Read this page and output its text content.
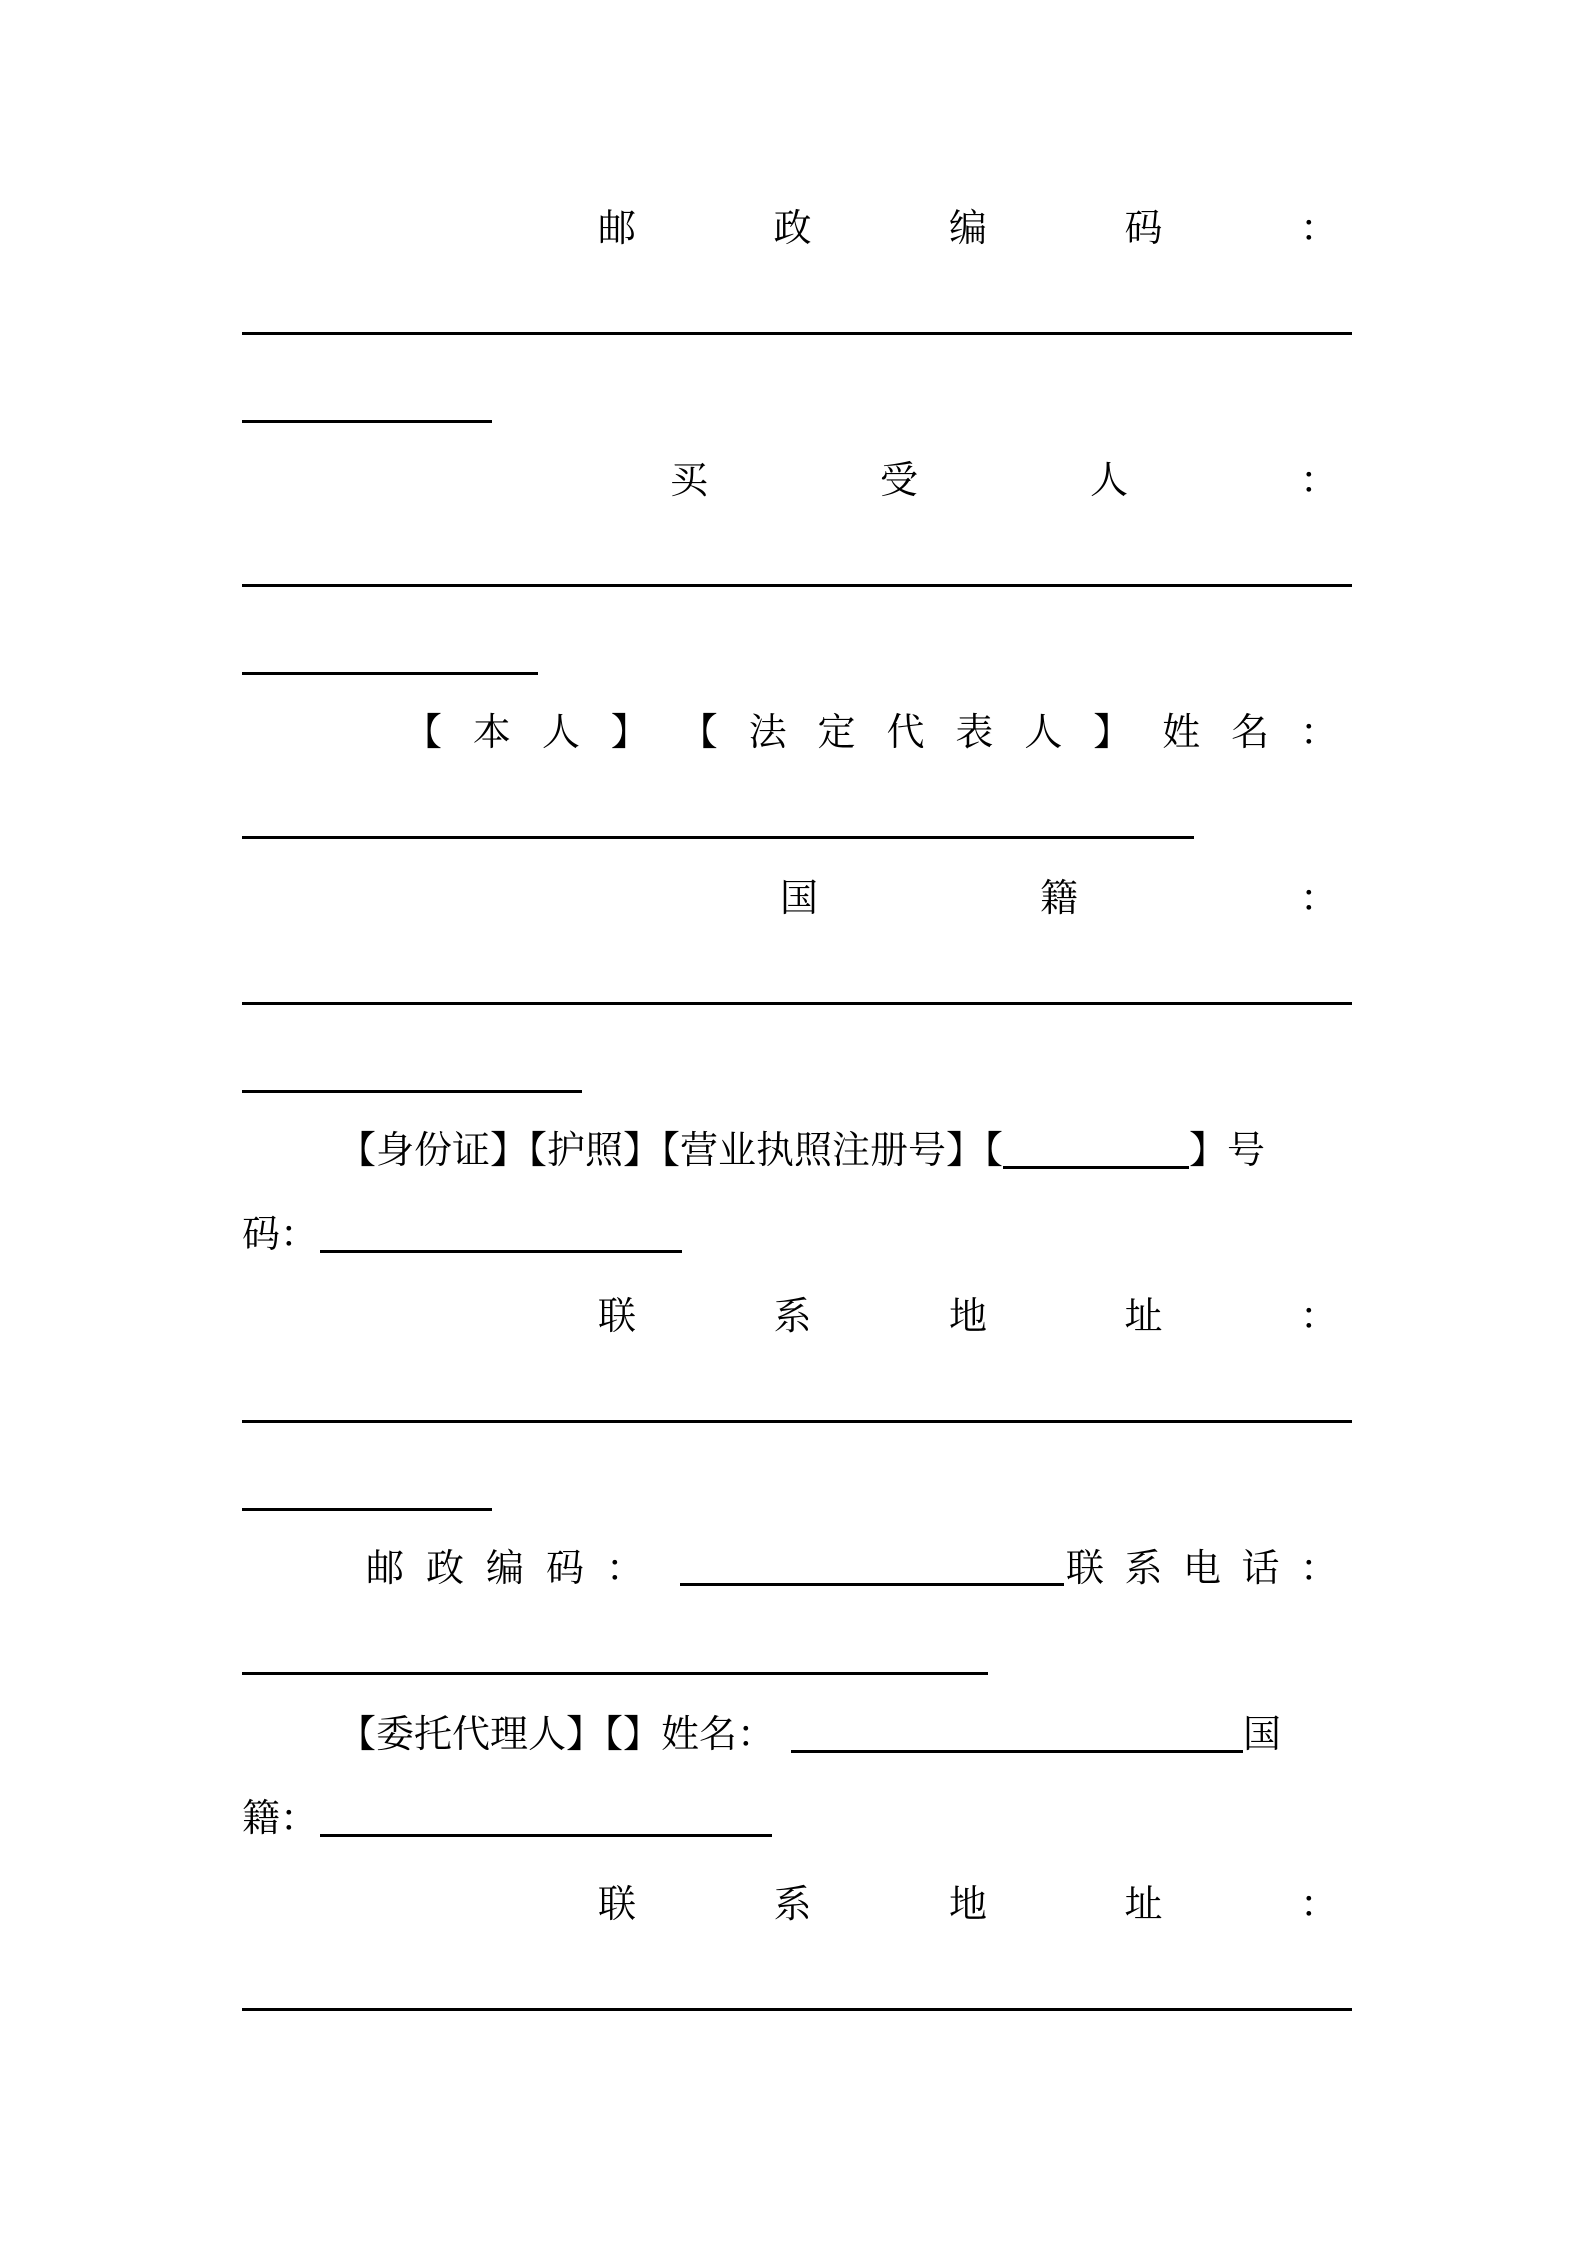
邮	政	编	码	：
买	受	人	：
【 本 人 】 【 法 定 代 表 人 】 姓 名 ：
国	籍	：
【身份证】【护照】【营业执照注册号】【	】号
码：
联	系	地	址	：
邮 政 编 码 ：	联 系 电 话 ：
【委托代理人】【】姓名：	国
籍：
联	系	地	址	：
